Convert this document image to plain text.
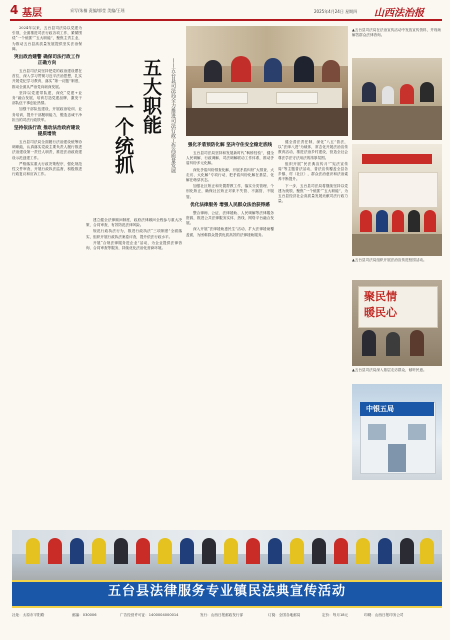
4 基层	采写/朱楠 责编/郭莹 美编/王瑶	2025年4月24日 星期四 山西法治报

2024年以来，五台县司法局以党建为引领，全面推进司法行政各项工作，紧紧围绕“一个统抓”“五大职能”，聚焦主责主业，为推动五台县高质量发展提供坚实法治保障。

突出政治建警 确保司法行政工作正确方向

五台县司法局坚持把党的政治建设摆在首位，深入学习贯彻习近平法治思想，扎实开展党纪学习教育，落实“第一议题”制度，推动全面从严治党向纵深发展。

坚持以党建带队建，深化“党建+业务”融合发展，培育打造党建品牌，激发干部队伍干事创业热情。

加强干部队伍建设，开展政治轮训、业务培训，提升干部履职能力，锻造忠诚干净担当的司法行政铁军。

坚持依法行政 推动法治政府建设提质增效

五台县司法局全面履行法治建设统筹协调职能，认真落实党政主要负责人履行推进法治建设第一责任人职责，推进法治政府建设示范创建工作。

严格落实重大行政决策程序，强化规范性文件审查，开展行政执法监督，积极推进行政复议和应诉工作。

——五台县司法局全力推进司法行政工作高质量发展
五大职能
一个统抓

建立健全法律顾问制度，政府法律顾问全程参与重大决策、合同审查，有效防范法律风险。

规范行政执法行为，推进行政执法“三项制度”全面落实，组织开展行政执法案卷评查，提升依法行政水平。

开展“合规法律服务进企业”活动，为企业提供法律咨询、合同审查等服务，持续优化法治化营商环境。

强化矛盾预防化解 坚决守住安全稳定底线

五台县司法局坚持和发展新时代“枫桥经验”，健全人民调解、行政调解、司法调解联动工作体系，推动矛盾纠纷多元化解。

深化矛盾纠纷排查化解，开展矛盾纠纷“大排查、大走访、大化解”专项行动，把矛盾纠纷化解在基层、化解在萌芽状态。

加强社区矫正和安置帮教工作，落实分类管理、个别化矫正，确保社区矫正对象不失管、不漏管、不脱管。

优化法律服务 增强人民群众法治获得感

整合律师、公证、法律援助、人民调解等法律服务资源，推进公共法律服务实体、热线、网络平台融合发展。

深入开展“法律援助惠民生”活动，扩大法律援助覆盖面，为困难群众提供优质高效的法律援助服务。

健全普法责任制，深化“八五”普法，以“法律八进”为载体，常态化开展法治宣传教育活动，推进法治乡村建设，营造全社会尊法学法守法用法的浓厚氛围。

组织开展“民法典宣传月”“宪法宣传周”等主题普法活动，普法宣传覆盖全县各乡镇、村（社区），群众法治意识和法治素养不断提升。

下一步，五台县司法局将继续坚持以党建为统领，聚焦“一个统抓”“五大职能”，为五台县经济社会高质量发展贡献司法行政力量。

▲五台县司法局在法治宣传活动中发放宣传资料，并现场解答群众法律咨询。
▲五台县司法局组织开展法治宣传进校园活动。
聚民情
暖民心
▲五台县司法局深入基层走访群众，倾听民意。
中银五局
五台县法律服务专业镇民法典宣传活动
社址：太原市平阳路	邮编：030006	广告经营许可证：1400004000014	发行：山西日报邮政发行部	订阅：全国各地邮局	定价：每月18元	印刷：山西日报印务公司
